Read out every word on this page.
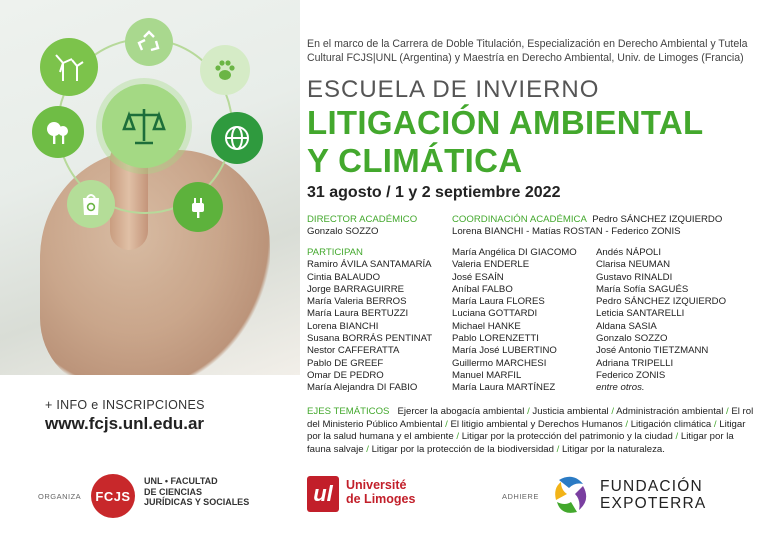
En el marco de la Carrera de Doble Titulación, Especialización en Derecho Ambiental y Tutela Cultural FCJS|UNL (Argentina) y Maestría en Derecho Ambiental, Univ. de Limoges (Francia)
ESCUELA DE INVIERNO
LITIGACIÓN AMBIENTAL
Y CLIMÁTICA
31 agosto / 1 y 2 septiembre 2022
DIRECTOR ACADÉMICO
Gonzalo SOZZO
COORDINACIÓN ACADÉMICA Pedro SÁNCHEZ IZQUIERDO
Lorena BIANCHI - Matías ROSTAN - Federico ZONIS
PARTICIPAN
Ramiro ÁVILA SANTAMARÍA
Cintia BALAUDO
Jorge BARRAGUIRRE
María Valeria BERROS
María Laura BERTUZZI
Lorena BIANCHI
Susana BORRÁS PENTINAT
Nestor CAFFERATTA
Pablo DE GREEF
Omar DE PEDRO
María Alejandra DI FABIO
María Angélica DI GIACOMO
Valeria ENDERLE
José ESAÍN
Aníbal FALBO
María Laura FLORES
Luciana GOTTARDI
Michael HANKE
Pablo LORENZETTI
María José LUBERTINO
Guillermo MARCHESI
Manuel MARFIL
María Laura MARTÍNEZ
Andés NÁPOLI
Clarisa NEUMAN
Gustavo RINALDI
María Sofía SAGUÉS
Pedro SÁNCHEZ IZQUIERDO
Leticia SANTARELLI
Aldana SASIA
Gonzalo SOZZO
José Antonio TIETZMANN
Adriana TRIPELLI
Federico ZONIS
entre otros.
EJES TEMÁTICOS Ejercer la abogacía ambiental / Justicia ambiental / Administración ambiental / El rol del Ministerio Público Ambiental / El litigio ambiental y Derechos Humanos / Litigación climática / Litigar por la salud humana y el ambiente / Litigar por la protección del patrimonio y la ciudad / Litigar por la fauna salvaje / Litigar por la protección de la biodiversidad / Litigar por la naturaleza.
+ INFO e INSCRIPCIONES
www.fcjs.unl.edu.ar
ORGANIZA FCJS
UNL • FACULTAD
DE CIENCIAS
JURÍDICAS Y SOCIALES	ul	Université
de Limoges	ADHIERE
FUNDACIÓN
EXPOTERRA
